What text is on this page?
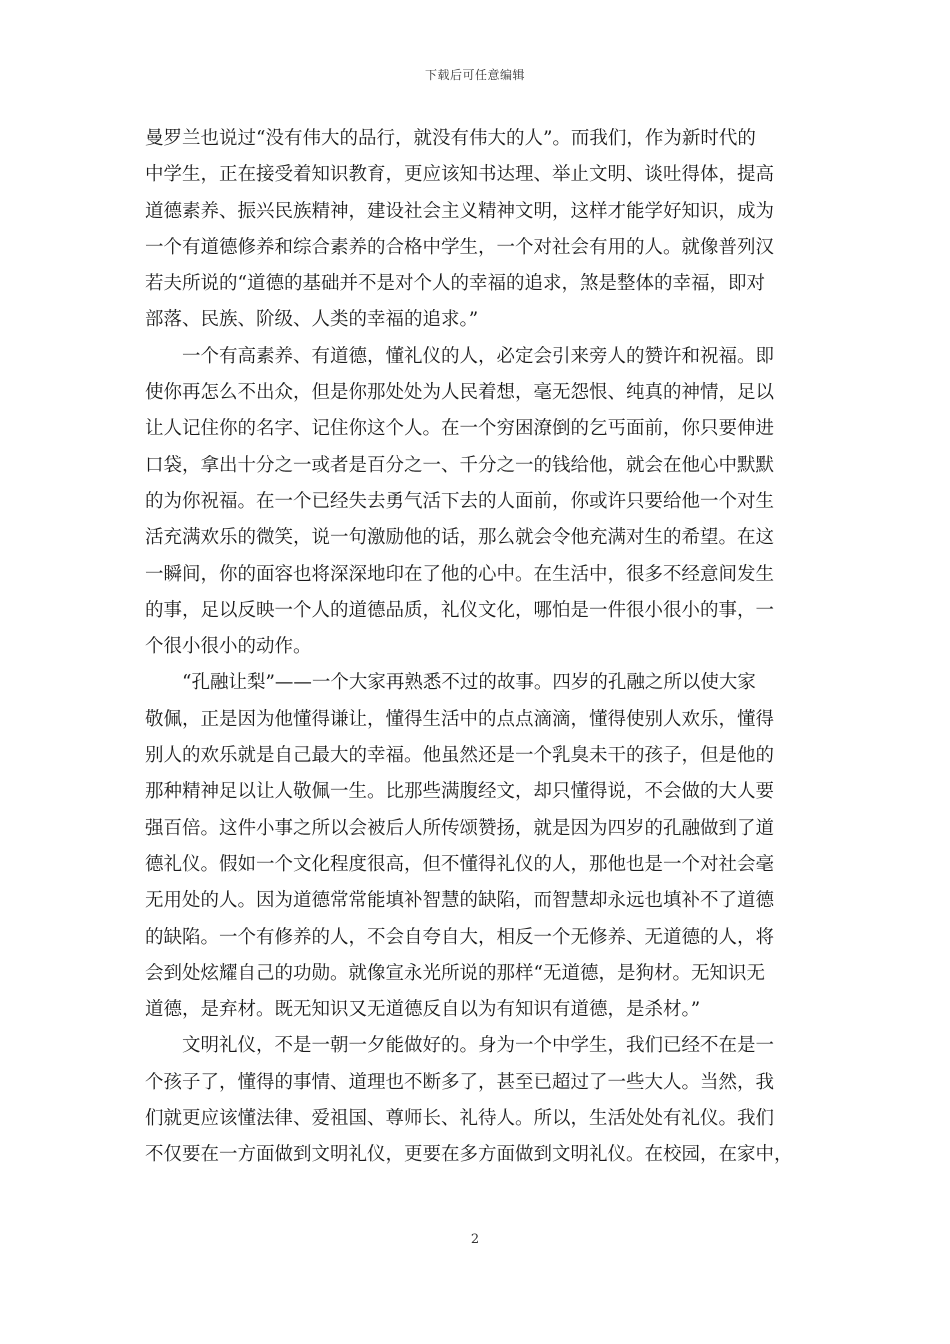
下载后可任意编辑
曼罗兰也说过“没有伟大的品行，就没有伟大的人”。而我们，作为新时代的
中学生，正在接受着知识教育，更应该知书达理、举止文明、谈吐得体，提高
道德素养、振兴民族精神，建设社会主义精神文明，这样才能学好知识，成为
一个有道德修养和综合素养的合格中学生，一个对社会有用的人。就像普列汉
若夫所说的“道德的基础并不是对个人的幸福的追求，煞是整体的幸福，即对
部落、民族、阶级、人类的幸福的追求。”
一个有高素养、有道德，懂礼仪的人，必定会引来旁人的赞许和祝福。即
使你再怎么不出众，但是你那处处为人民着想，毫无怨恨、纯真的神情，足以
让人记住你的名字、记住你这个人。在一个穷困潦倒的乞丐面前，你只要伸进
口袋，拿出十分之一或者是百分之一、千分之一的钱给他，就会在他心中默默
的为你祝福。在一个已经失去勇气活下去的人面前，你或许只要给他一个对生
活充满欢乐的微笑，说一句激励他的话，那么就会令他充满对生的希望。在这
一瞬间，你的面容也将深深地印在了他的心中。在生活中，很多不经意间发生
的事，足以反映一个人的道德品质，礼仪文化，哪怕是一件很小很小的事，一
个很小很小的动作。
“孔融让梨”——一个大家再熟悉不过的故事。四岁的孔融之所以使大家
敬佩，正是因为他懂得谦让，懂得生活中的点点滴滴，懂得使别人欢乐，懂得
别人的欢乐就是自己最大的幸福。他虽然还是一个乳臭未干的孩子，但是他的
那种精神足以让人敬佩一生。比那些满腹经文，却只懂得说，不会做的大人要
强百倍。这件小事之所以会被后人所传颂赞扬，就是因为四岁的孔融做到了道
德礼仪。假如一个文化程度很高，但不懂得礼仪的人，那他也是一个对社会毫
无用处的人。因为道德常常能填补智慧的缺陷，而智慧却永远也填补不了道德
的缺陷。一个有修养的人，不会自夸自大，相反一个无修养、无道德的人，将
会到处炫耀自己的功勋。就像宣永光所说的那样“无道德，是狗材。无知识无
道德，是弃材。既无知识又无道德反自以为有知识有道德，是杀材。”
文明礼仪，不是一朝一夕能做好的。身为一个中学生，我们已经不在是一
个孩子了，懂得的事情、道理也不断多了，甚至已超过了一些大人。当然，我
们就更应该懂法律、爱祖国、尊师长、礼待人。所以，生活处处有礼仪。我们
不仅要在一方面做到文明礼仪，更要在多方面做到文明礼仪。在校园，在家中，
2
